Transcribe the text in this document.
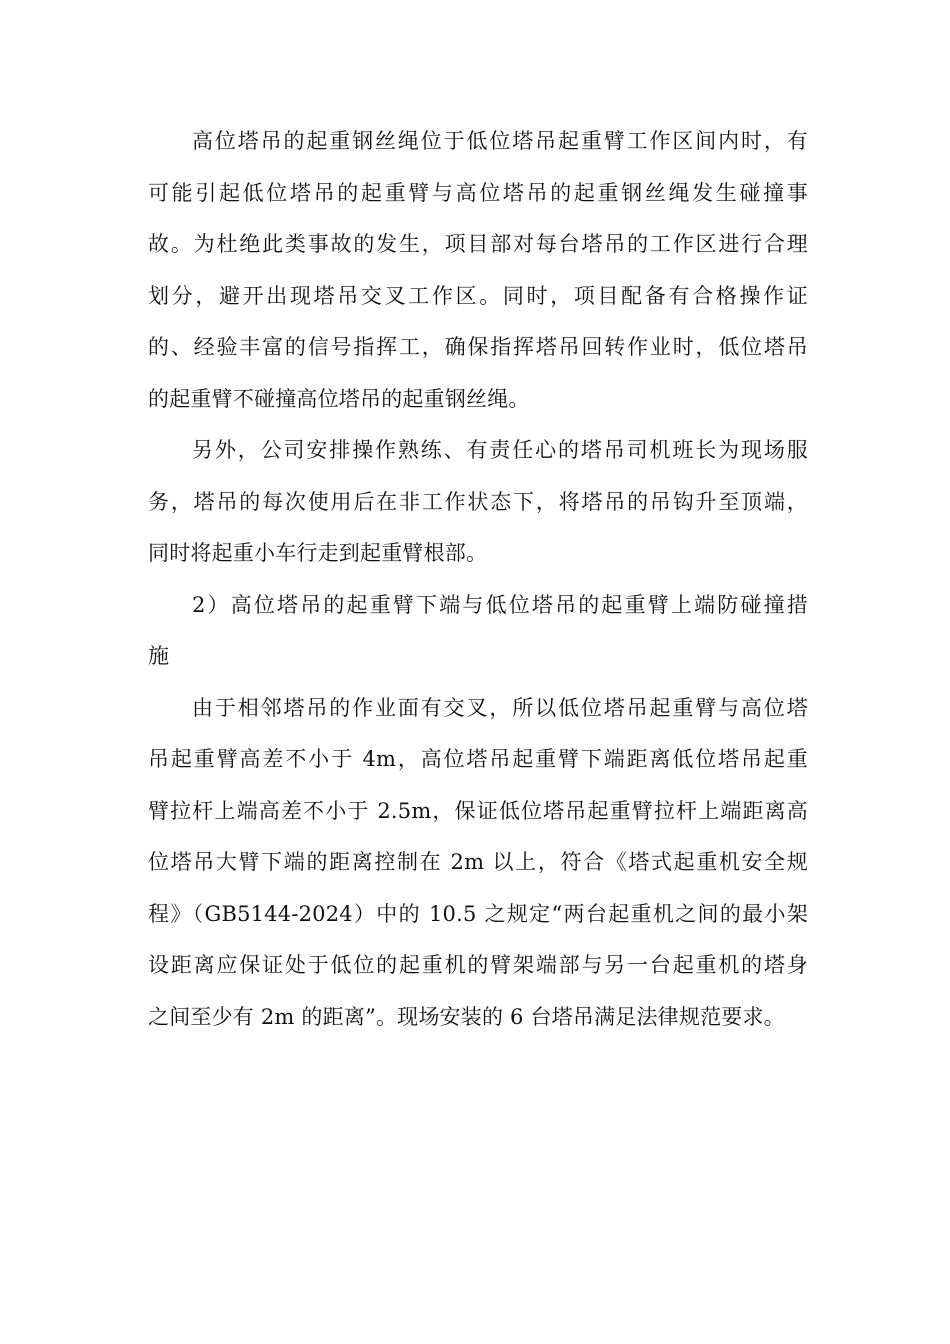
高位塔吊的起重钢丝绳位于低位塔吊起重臂工作区间内时，有
可能引起低位塔吊的起重臂与高位塔吊的起重钢丝绳发生碰撞事
故。为杜绝此类事故的发生，项目部对每台塔吊的工作区进行合理
划分，避开出现塔吊交叉工作区。同时，项目配备有合格操作证
的、经验丰富的信号指挥工，确保指挥塔吊回转作业时，低位塔吊
的起重臂不碰撞高位塔吊的起重钢丝绳。
另外，公司安排操作熟练、有责任心的塔吊司机班长为现场服
务，塔吊的每次使用后在非工作状态下，将塔吊的吊钩升至顶端，
同时将起重小车行走到起重臂根部。
2）高位塔吊的起重臂下端与低位塔吊的起重臂上端防碰撞措
施
由于相邻塔吊的作业面有交叉，所以低位塔吊起重臂与高位塔
吊起重臂高差不小于 4m，高位塔吊起重臂下端距离低位塔吊起重
臂拉杆上端高差不小于 2.5m，保证低位塔吊起重臂拉杆上端距离高
位塔吊大臂下端的距离控制在 2m 以上，符合《塔式起重机安全规
程》（GB5144-2024）中的 10.5 之规定“两台起重机之间的最小架
设距离应保证处于低位的起重机的臂架端部与另一台起重机的塔身
之间至少有 2m 的距离”。现场安装的 6 台塔吊满足法律规范要求。
